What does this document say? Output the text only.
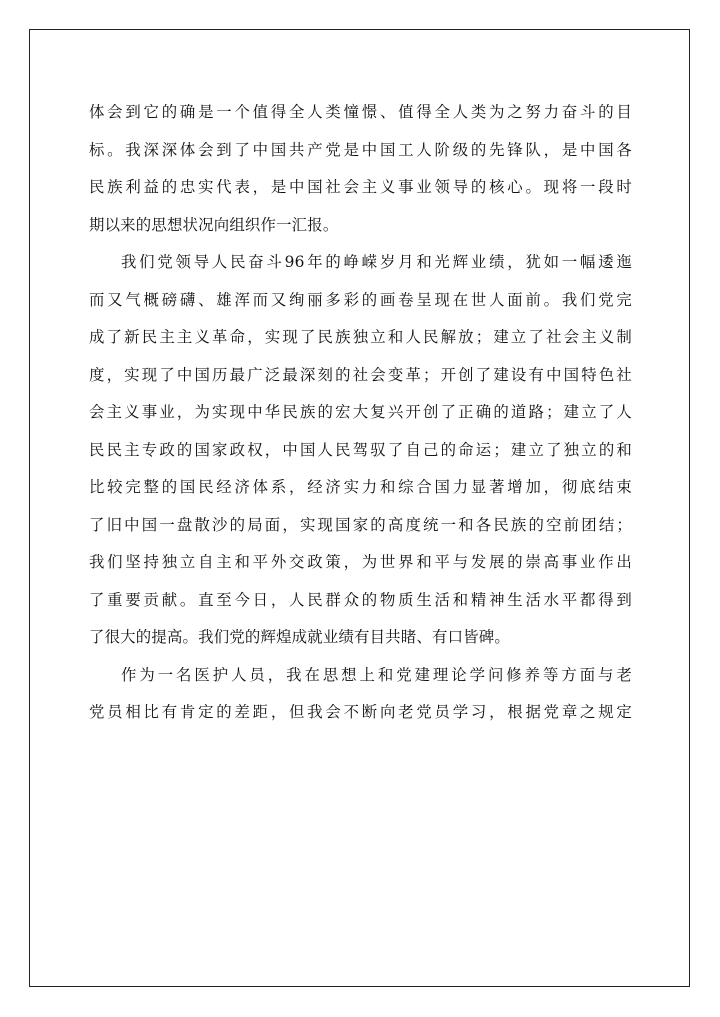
体会到它的确是一个值得全人类憧憬、值得全人类为之努力奋斗的目
标。我深深体会到了中国共产党是中国工人阶级的先锋队，是中国各
民族利益的忠实代表，是中国社会主义事业领导的核心。现将一段时
期以来的思想状况向组织作一汇报。
我们党领导人民奋斗96年的峥嵘岁月和光辉业绩，犹如一幅逶迤
而又气概磅礴、雄浑而又绚丽多彩的画卷呈现在世人面前。我们党完
成了新民主主义革命，实现了民族独立和人民解放；建立了社会主义制
度，实现了中国历最广泛最深刻的社会变革；开创了建设有中国特色社
会主义事业，为实现中华民族的宏大复兴开创了正确的道路；建立了人
民民主专政的国家政权，中国人民驾驭了自己的命运；建立了独立的和
比较完整的国民经济体系，经济实力和综合国力显著增加，彻底结束
了旧中国一盘散沙的局面，实现国家的高度统一和各民族的空前团结；
我们坚持独立自主和平外交政策，为世界和平与发展的崇高事业作出
了重要贡献。直至今日，人民群众的物质生活和精神生活水平都得到
了很大的提高。我们党的辉煌成就业绩有目共睹、有口皆碑。
作为一名医护人员，我在思想上和党建理论学问修养等方面与老
党员相比有肯定的差距，但我会不断向老党员学习，根据党章之规定
